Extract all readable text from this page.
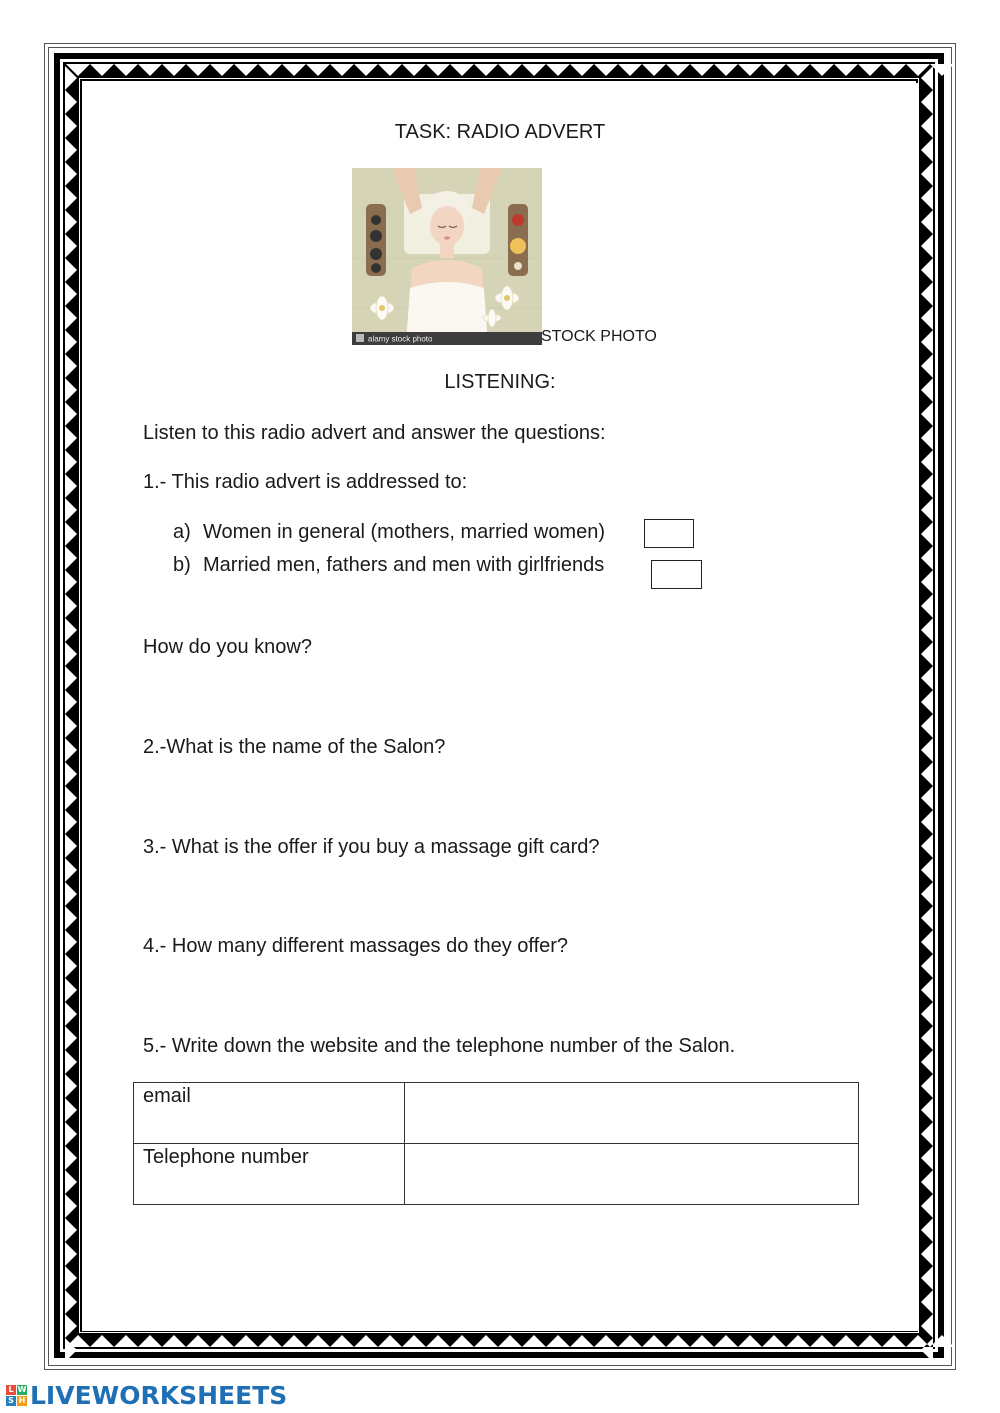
TASK: RADIO ADVERT
alamy stock photo	STOCK PHOTO
LISTENING:
Listen to this radio advert and answer the questions:
1.- This radio advert is addressed to:
a) Women in general (mothers, married women)
b) Married men, fathers and men with girlfriends
How do you know?
2.-What is the name of the Salon?
3.- What is the offer if you buy a massage gift card?
4.- How many different massages do they offer?
5.- Write down the website and the telephone number of the Salon.
email	
Telephone number	
L W
S H LIVEWORKSHEETS
